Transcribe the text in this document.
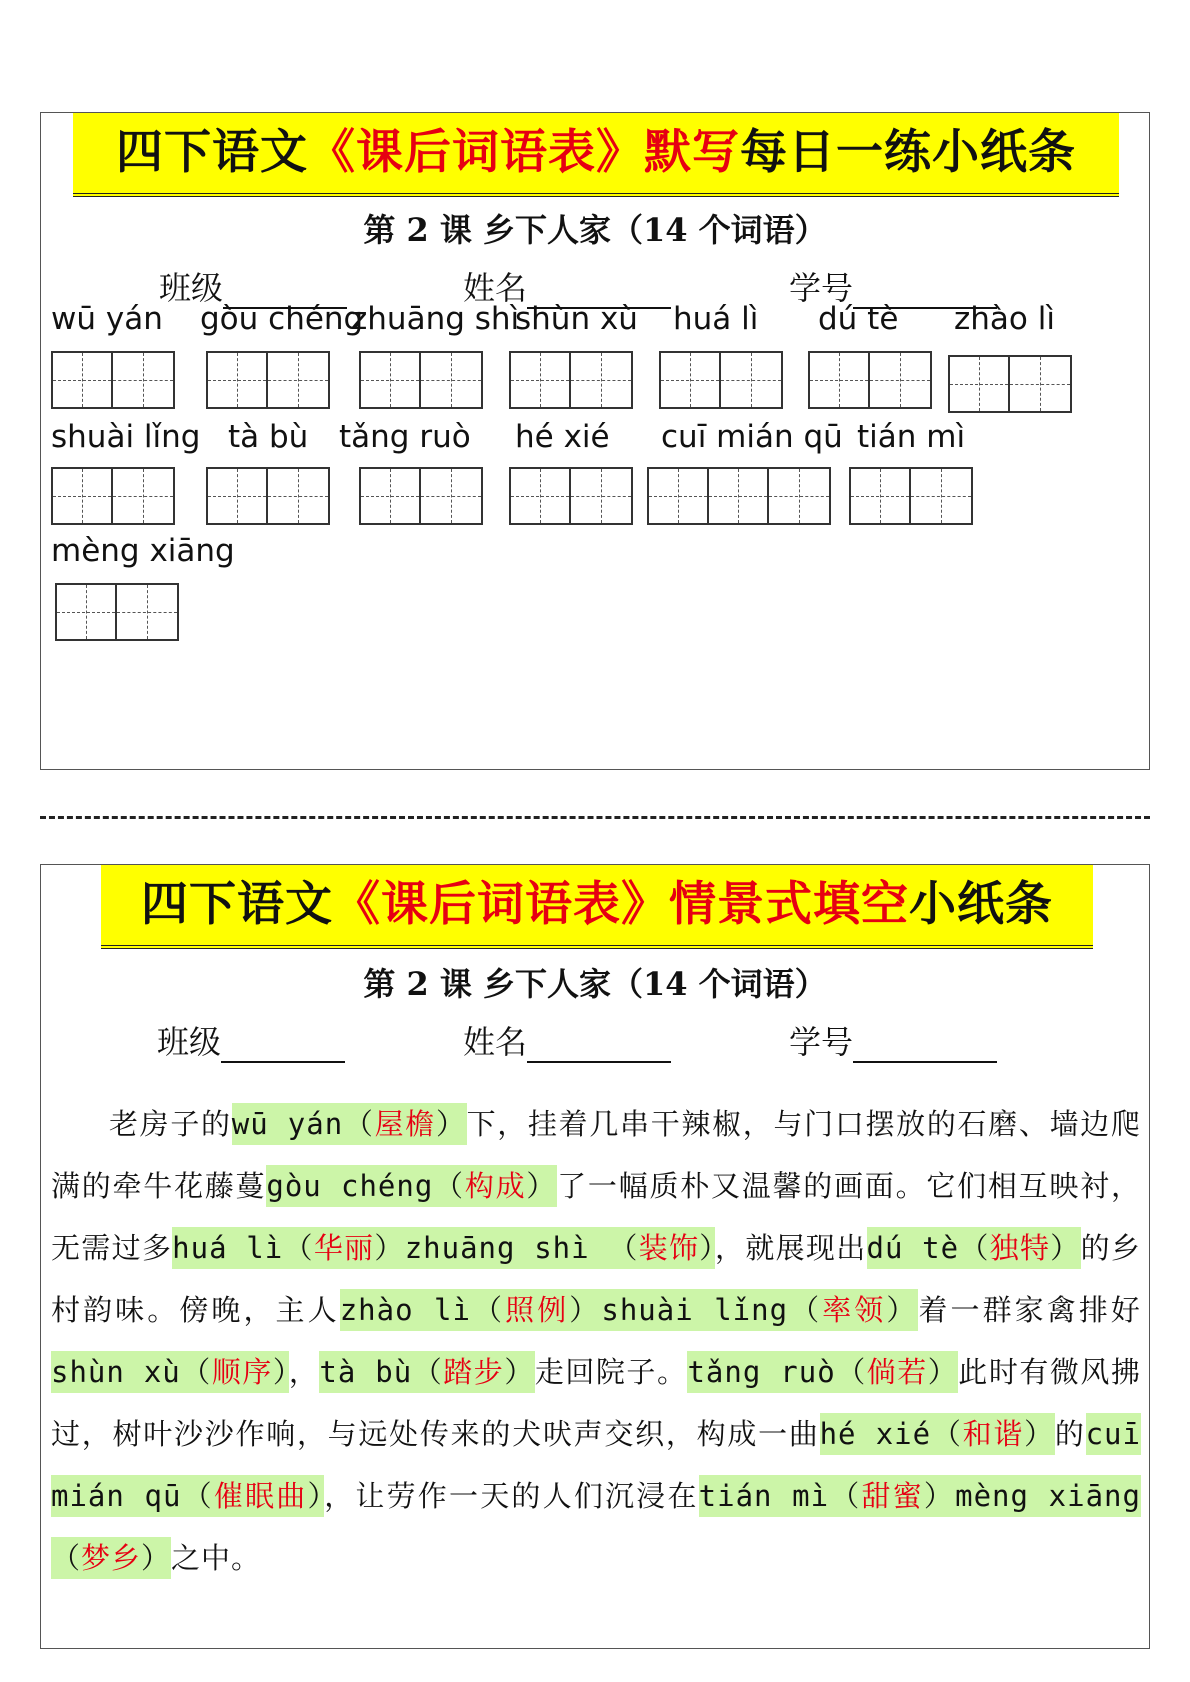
四下语文《课后词语表》默写每日一练小纸条
第 2 课 乡下人家（14 个词语）
班级	姓名	学号
wū yán gòu chéng
zhuāng shì
shùn xù huá lì dú tè zhào lì
shuài lǐng tà bù tǎng ruò hé xié cuī mián qū tián mì
mèng xiāng
四下语文《课后词语表》情景式填空小纸条
第 2 课 乡下人家（14 个词语）
班级	姓名	学号
老房子的wū yán（屋檐）下，挂着几串干辣椒，与门口摆放的石磨、墙边爬满的牵牛花藤蔓gòu chéng（构成）了一幅质朴又温馨的画面。它们相互映衬，无需过多huá lì（华丽）zhuāng shì （装饰），就展现出dú tè（独特）的乡村韵味。傍晚，主人zhào lì（照例）shuài lǐng（率领）着一群家禽排好shùn xù（顺序），tà bù（踏步）走回院子。tǎng ruò（倘若）此时有微风拂过，树叶沙沙作响，与远处传来的犬吠声交织，构成一曲hé xié（和谐）的cuī mián qū（催眠曲），让劳作一天的人们沉浸在tián mì（甜蜜）mèng xiāng（梦乡）之中。
